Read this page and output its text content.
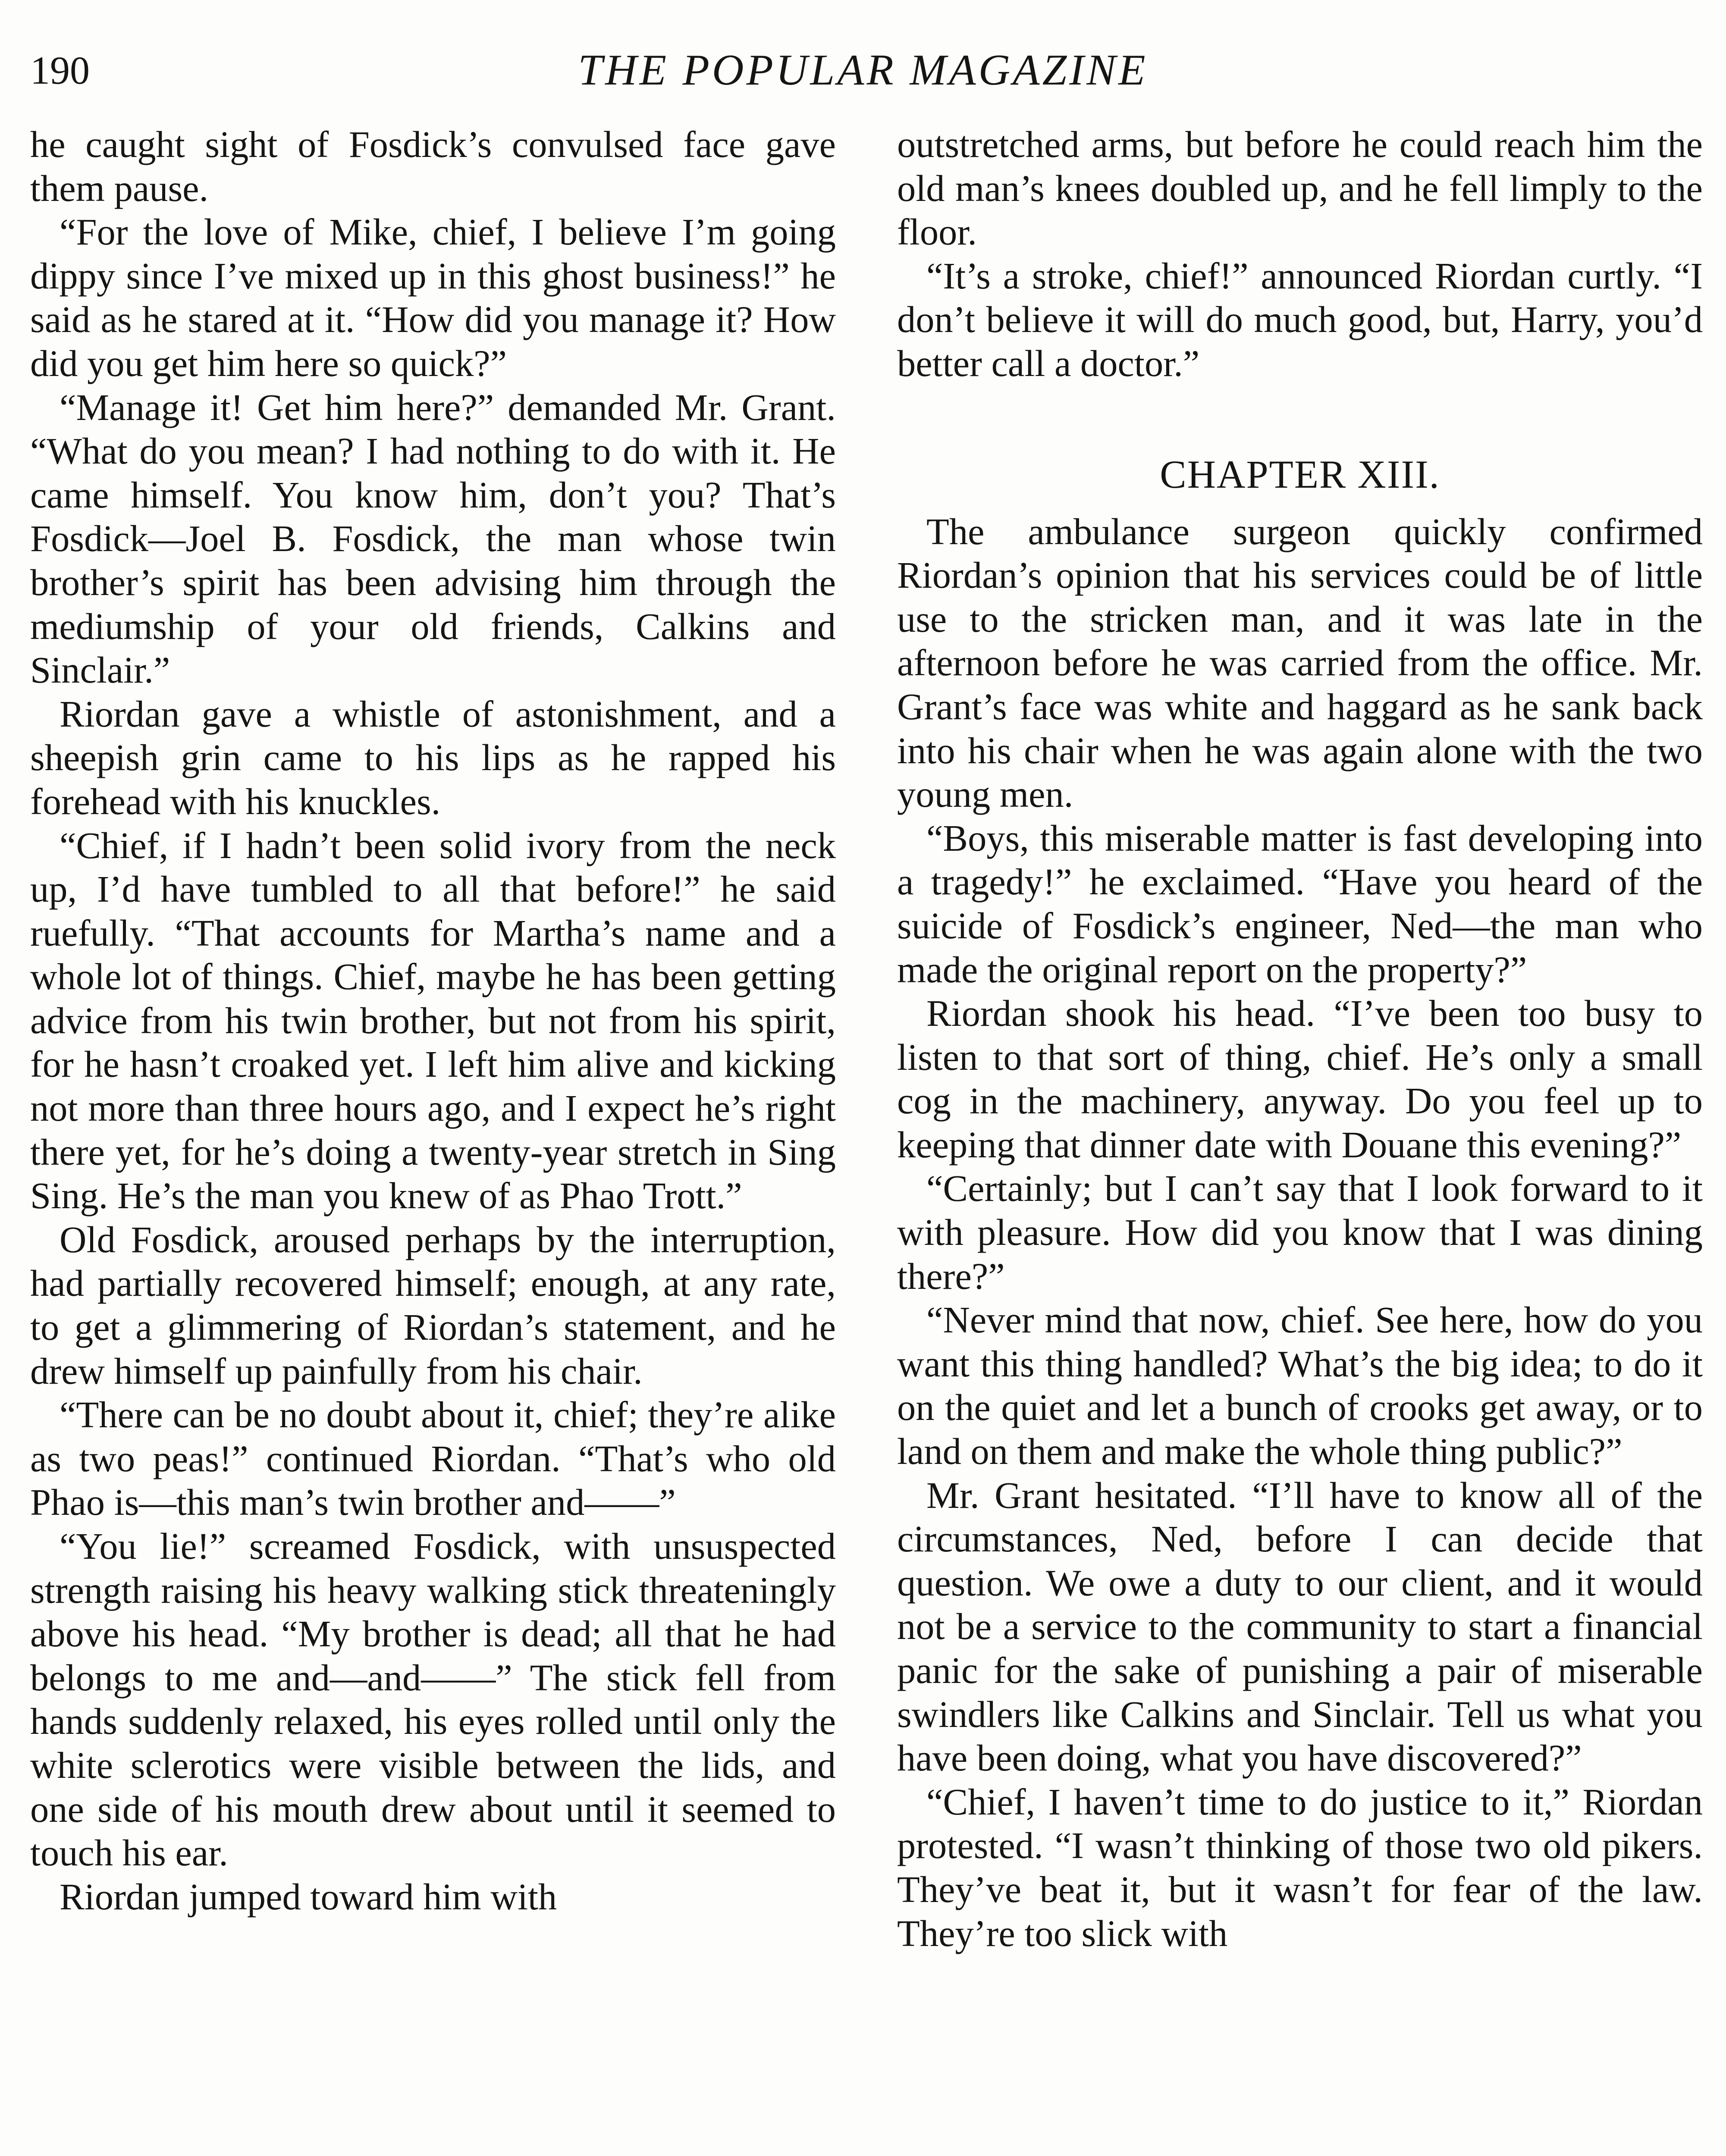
190	THE POPULAR MAGAZINE

he caught sight of Fosdick’s convulsed face gave them pause.

“For the love of Mike, chief, I believe I’m going dippy since I’ve mixed up in this ghost business!” he said as he stared at it. “How did you manage it? How did you get him here so quick?”

“Manage it! Get him here?” demanded Mr. Grant. “What do you mean? I had nothing to do with it. He came himself. You know him, don’t you? That’s Fosdick—Joel B. Fosdick, the man whose twin brother’s spirit has been advising him through the mediumship of your old friends, Calkins and Sinclair.”

Riordan gave a whistle of astonishment, and a sheepish grin came to his lips as he rapped his forehead with his knuckles.

“Chief, if I hadn’t been solid ivory from the neck up, I’d have tumbled to all that before!” he said ruefully. “That accounts for Martha’s name and a whole lot of things. Chief, maybe he has been getting advice from his twin brother, but not from his spirit, for he hasn’t croaked yet. I left him alive and kicking not more than three hours ago, and I expect he’s right there yet, for he’s doing a twenty-year stretch in Sing Sing. He’s the man you knew of as Phao Trott.”

Old Fosdick, aroused perhaps by the interruption, had partially recovered himself; enough, at any rate, to get a glimmering of Riordan’s statement, and he drew himself up painfully from his chair.

“There can be no doubt about it, chief; they’re alike as two peas!” continued Riordan. “That’s who old Phao is—this man’s twin brother and——”

“You lie!” screamed Fosdick, with unsuspected strength raising his heavy walking stick threateningly above his head. “My brother is dead; all that he had belongs to me and—and——” The stick fell from hands suddenly relaxed, his eyes rolled until only the white sclerotics were visible between the lids, and one side of his mouth drew about until it seemed to touch his ear.

Riordan jumped toward him with

outstretched arms, but before he could reach him the old man’s knees doubled up, and he fell limply to the floor.

“It’s a stroke, chief!” announced Riordan curtly. “I don’t believe it will do much good, but, Harry, you’d better call a doctor.”

CHAPTER XIII.

The ambulance surgeon quickly confirmed Riordan’s opinion that his services could be of little use to the stricken man, and it was late in the afternoon before he was carried from the office. Mr. Grant’s face was white and haggard as he sank back into his chair when he was again alone with the two young men.

“Boys, this miserable matter is fast developing into a tragedy!” he exclaimed. “Have you heard of the suicide of Fosdick’s engineer, Ned—the man who made the original report on the property?”

Riordan shook his head. “I’ve been too busy to listen to that sort of thing, chief. He’s only a small cog in the machinery, anyway. Do you feel up to keeping that dinner date with Douane this evening?”

“Certainly; but I can’t say that I look forward to it with pleasure. How did you know that I was dining there?”

“Never mind that now, chief. See here, how do you want this thing handled? What’s the big idea; to do it on the quiet and let a bunch of crooks get away, or to land on them and make the whole thing public?”

Mr. Grant hesitated. “I’ll have to know all of the circumstances, Ned, before I can decide that question. We owe a duty to our client, and it would not be a service to the community to start a financial panic for the sake of punishing a pair of miserable swindlers like Calkins and Sinclair. Tell us what you have been doing, what you have discovered?”

“Chief, I haven’t time to do justice to it,” Riordan protested. “I wasn’t thinking of those two old pikers. They’ve beat it, but it wasn’t for fear of the law. They’re too slick with
